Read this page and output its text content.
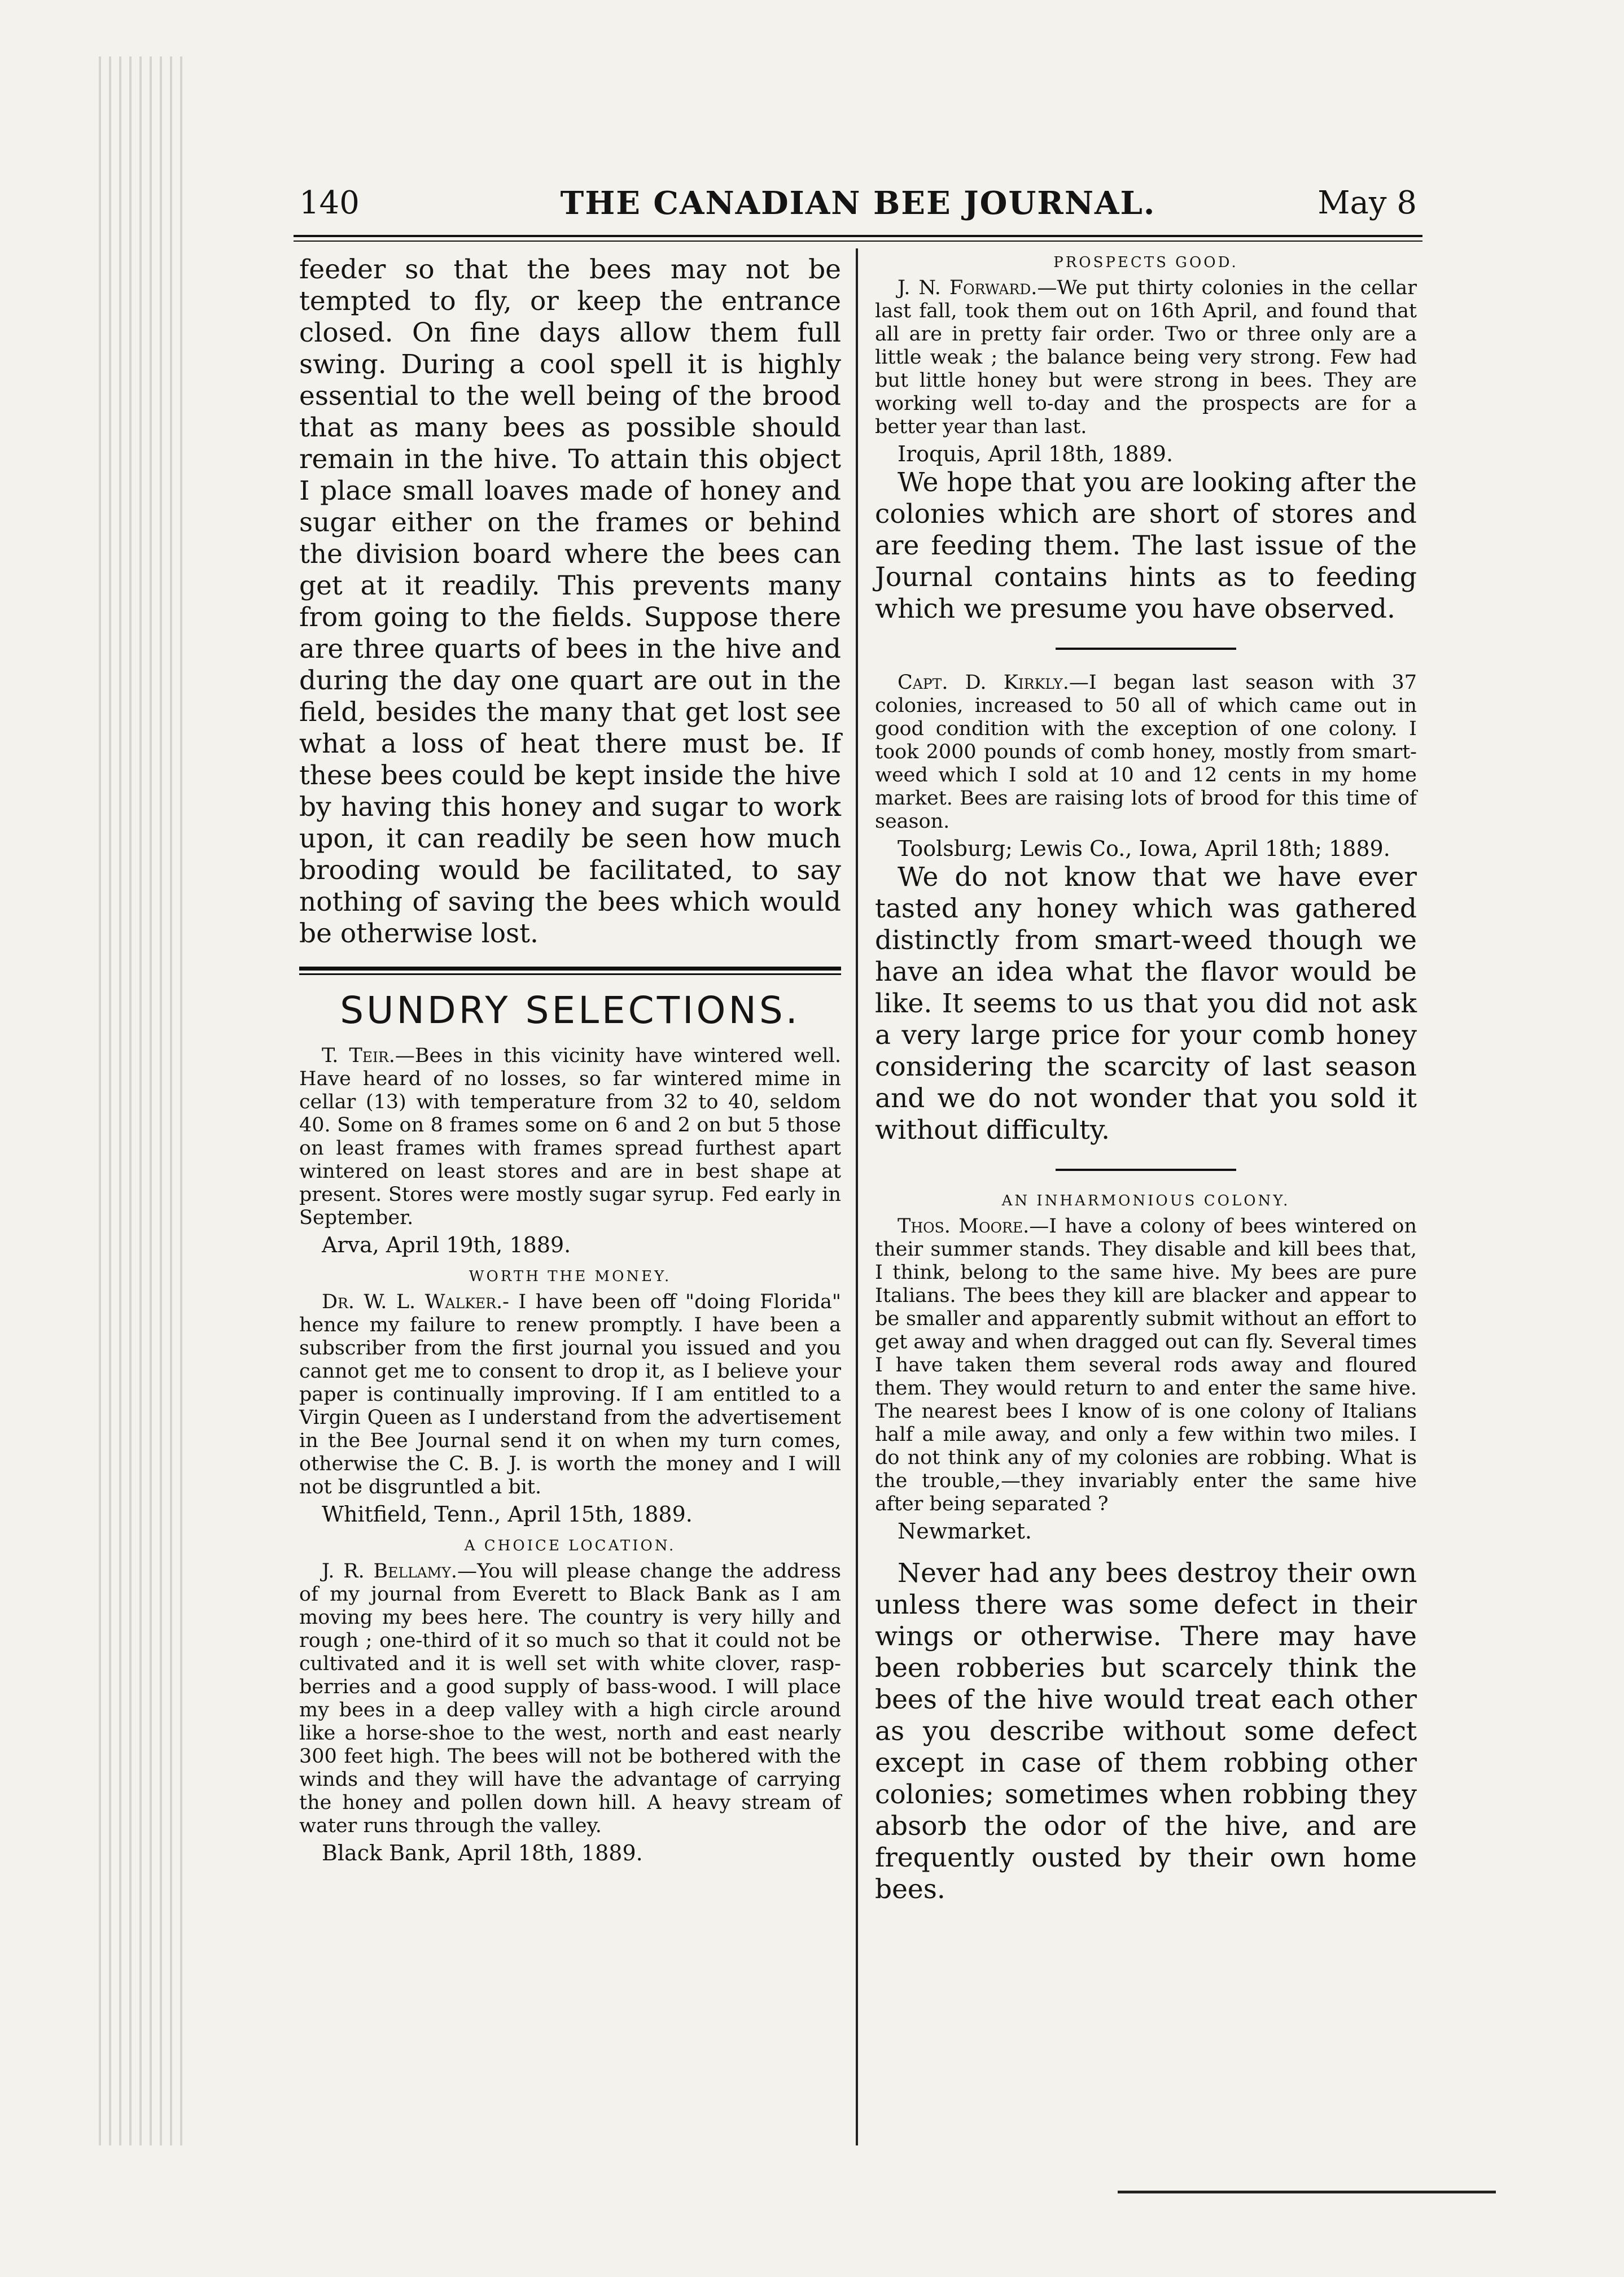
THE CANADIAN BEE JOURNAL.
140	May 8

feeder so that the bees may not be tempted to fly, or keep the entrance closed. On fine days allow them full swing. During a cool spell it is highly essential to the well being of the brood that as many bees as possible should remain in the hive. To attain this object I place small loaves made of honey and sugar either on the frames or behind the division board where the bees can get at it readily. This prevents many from going to the fields. Suppose there are three quarts of bees in the hive and during the day one quart are out in the field, besides the many that get lost see what a loss of heat there must be. If these bees could be kept inside the hive by having this honey and sugar to work upon, it can readily be seen how much brooding would be facilitated, to say nothing of saving the bees which would be otherwise lost.

SUNDRY SELECTIONS.

T. Teir.—Bees in this vicinity have wintered well. Have heard of no losses, so far wintered mime in cellar (13) with temperature from 32 to 40, seldom 40. Some on 8 frames some on 6 and 2 on but 5 those on least frames with frames spread furthest apart wintered on least stores and are in best shape at present. Stores were mostly sugar syrup. Fed early in September.

Arva, April 19th, 1889.

WORTH THE MONEY.

Dr. W. L. Walker.- I have been off "doing Florida" hence my failure to renew promptly. I have been a subscriber from the first journal you issued and you cannot get me to consent to drop it, as I believe your paper is continually improving. If I am entitled to a Virgin Queen as I understand from the advertisement in the Bee Journal send it on when my turn comes, otherwise the C. B. J. is worth the money and I will not be disgruntled a bit.

Whitfield, Tenn., April 15th, 1889.

A CHOICE LOCATION.

J. R. Bellamy.—You will please change the address of my journal from Everett to Black Bank as I am moving my bees here. The country is very hilly and rough ; one-third of it so much so that it could not be cultivated and it is well set with white clover, rasp-berries and a good supply of bass-wood. I will place my bees in a deep valley with a high circle around like a horse-shoe to the west, north and east nearly 300 feet high. The bees will not be bothered with the winds and they will have the advantage of carrying the honey and pollen down hill. A heavy stream of water runs through the valley.

Black Bank, April 18th, 1889.

PROSPECTS GOOD.

J. N. Forward.—We put thirty colonies in the cellar last fall, took them out on 16th April, and found that all are in pretty fair order. Two or three only are a little weak ; the balance being very strong. Few had but little honey but were strong in bees. They are working well to-day and the prospects are for a better year than last.

Iroquis, April 18th, 1889.

We hope that you are looking after the colonies which are short of stores and are feeding them. The last issue of the Journal contains hints as to feeding which we presume you have observed.

Capt. D. Kirkly.—I began last season with 37 colonies, increased to 50 all of which came out in good condition with the exception of one colony. I took 2000 pounds of comb honey, mostly from smart-weed which I sold at 10 and 12 cents in my home market. Bees are raising lots of brood for this time of season.

Toolsburg; Lewis Co., Iowa, April 18th; 1889.

We do not know that we have ever tasted any honey which was gathered distinctly from smart-weed though we have an idea what the flavor would be like. It seems to us that you did not ask a very large price for your comb honey considering the scarcity of last season and we do not wonder that you sold it without difficulty.

AN INHARMONIOUS COLONY.

Thos. Moore.—I have a colony of bees wintered on their summer stands. They disable and kill bees that, I think, belong to the same hive. My bees are pure Italians. The bees they kill are blacker and appear to be smaller and apparently submit without an effort to get away and when dragged out can fly. Several times I have taken them several rods away and floured them. They would return to and enter the same hive. The nearest bees I know of is one colony of Italians half a mile away, and only a few within two miles. I do not think any of my colonies are robbing. What is the trouble,—they invariably enter the same hive after being separated ?

Newmarket.

Never had any bees destroy their own unless there was some defect in their wings or otherwise. There may have been robberies but scarcely think the bees of the hive would treat each other as you describe without some defect except in case of them robbing other colonies; sometimes when robbing they absorb the odor of the hive, and are frequently ousted by their own home bees.
